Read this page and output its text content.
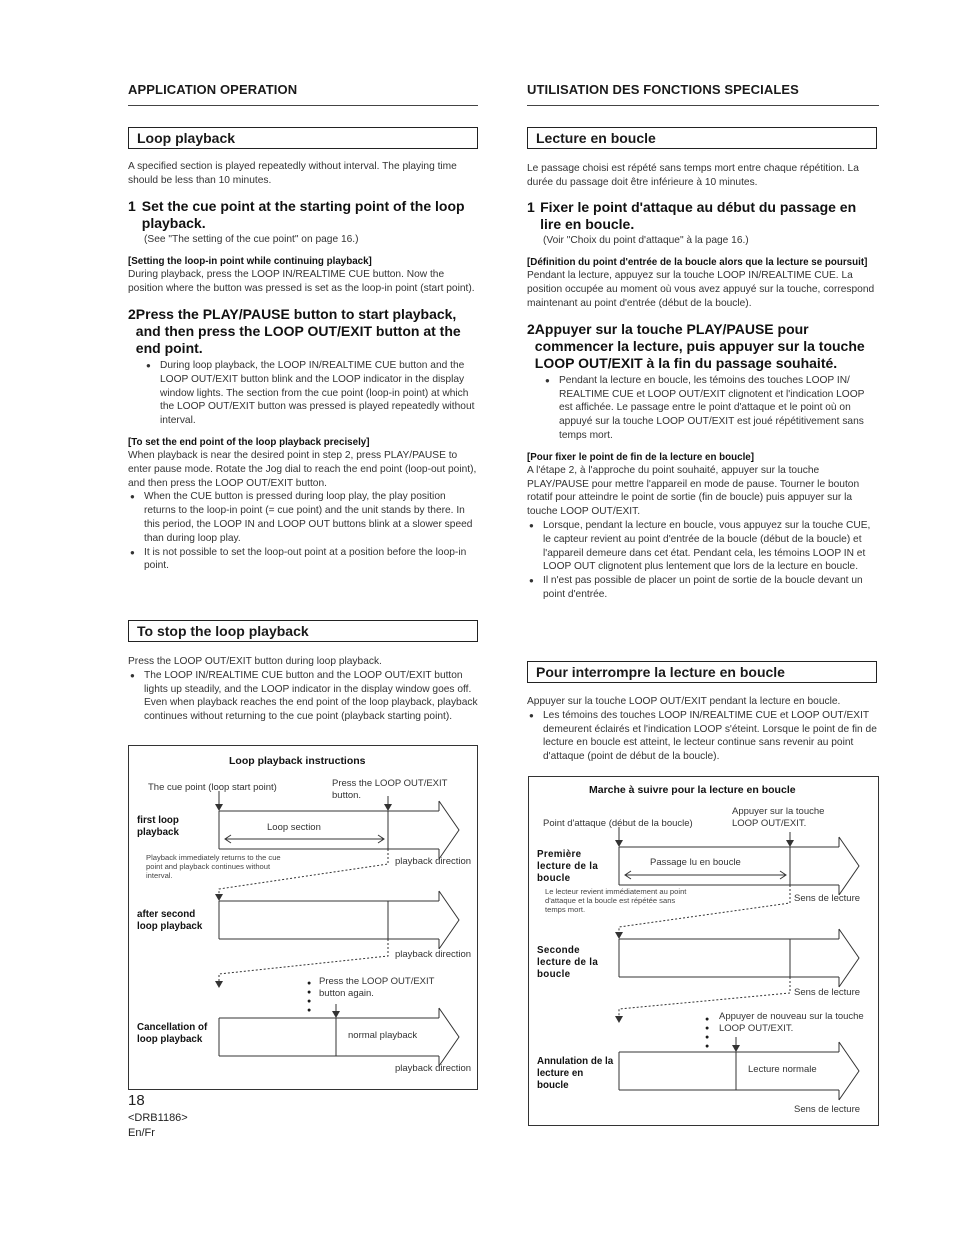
APPLICATION OPERATION
Loop playback

A specified section is played repeatedly without interval. The playing time should be less than 10 minutes.

1 Set the cue point at the starting point of the loop playback.

(See "The setting of the cue point" on page 16.)

[Setting the loop-in point while continuing playback]

During playback, press the LOOP IN/REALTIME CUE button. Now the position where the button was pressed is set as the loop-in point (start point).

2 Press the PLAY/PAUSE button to start playback, and then press the LOOP OUT/EXIT button at the end point.

● During loop playback, the LOOP IN/REALTIME CUE button and the LOOP OUT/EXIT button blink and the LOOP indicator in the display window lights. The section from the cue point (loop-in point) at which the LOOP OUT/EXIT button was pressed is played repeatedly without interval.

[To set the end point of the loop playback precisely]

When playback is near the desired point in step 2, press PLAY/PAUSE to enter pause mode. Rotate the Jog dial to reach the end point (loop-out point), and then press the LOOP OUT/EXIT button.

● When the CUE button is pressed during loop play, the play position returns to the loop-in point (= cue point) and the unit stands by there. In this period, the LOOP IN and LOOP OUT buttons blink at a slower speed than during loop play.

● It is not possible to set the loop-out point at a position before the loop-in point.

To stop the loop playback

Press the LOOP OUT/EXIT button during loop playback.

● The LOOP IN/REALTIME CUE button and the LOOP OUT/EXIT button lights up steadily, and the LOOP indicator in the display window goes off. Even when playback reaches the end point of the loop playback, playback continues without returning to the cue point (playback starting point).

Loop playback instructions
The cue point (loop start point)	Press the LOOP OUT/EXIT button.
first loop playback	Loop section
Playback immediately returns to the cue point and playback continues without interval.
playback direction
after second loop playback
playback direction
Press the LOOP OUT/EXIT button again.
●
●
●
●
Cancellation of loop playback	normal playback
playback direction
18
<DRB1186>
En/Fr
UTILISATION DES FONCTIONS SPECIALES
Lecture en boucle

Le passage choisi est répété sans temps mort entre chaque répétition. La durée du passage doit être inférieure à 10 minutes.

1 Fixer le point d'attaque au début du passage en lire en boucle.

(Voir "Choix du point d'attaque" à la page 16.)

[Définition du point d'entrée de la boucle alors que la lecture se poursuit]

Pendant la lecture, appuyez sur la touche LOOP IN/REALTIME CUE. La position occupée au moment où vous avez appuyé sur la touche, correspond maintenant au point d'entrée (début de la boucle).

2 Appuyer sur la touche PLAY/PAUSE pour commencer la lecture, puis appuyer sur la touche LOOP OUT/EXIT à la fin du passage souhaité.

● Pendant la lecture en boucle, les témoins des touches LOOP IN/ REALTIME CUE et LOOP OUT/EXIT clignotent et l'indication LOOP est affichée. Le passage entre le point d'attaque et le point où on appuyé sur la touche LOOP OUT/EXIT est joué répétitivement sans temps mort.

[Pour fixer le point de fin de la lecture en boucle]

A l'étape 2, à l'approche du point souhaité, appuyer sur la touche PLAY/PAUSE pour mettre l'appareil en mode de pause. Tourner le bouton rotatif pour atteindre le point de sortie (fin de boucle) puis appuyer sur la touche LOOP OUT/EXIT.

● Lorsque, pendant la lecture en boucle, vous appuyez sur la touche CUE, le capteur revient au point d'entrée de la boucle (début de la boucle) et l'appareil demeure dans cet état. Pendant cela, les témoins LOOP IN et LOOP OUT clignotent plus lentement que lors de la lecture en boucle.

● Il n'est pas possible de placer un point de sortie de la boucle devant un point d'entrée.

Pour interrompre la lecture en boucle

Appuyer sur la touche LOOP OUT/EXIT pendant la lecture en boucle.

● Les témoins des touches LOOP IN/REALTIME CUE et LOOP OUT/EXIT demeurent éclairés et l'indication LOOP s'éteint. Lorsque le point de fin de lecture en boucle est atteint, le lecteur continue sans revenir au point d'attaque (point de début de la boucle).

Marche à suivre pour la lecture en boucle
Point d'attaque (début de la boucle)
Appuyer sur la touche LOOP OUT/EXIT.
Première lecture de la boucle
Passage lu en boucle
Le lecteur revient immédiatement au point d'attaque et la boucle est répétée sans temps mort.
Sens de lecture
Seconde lecture de la boucle
Sens de lecture
Appuyer de nouveau sur la touche LOOP OUT/EXIT.
●
●
●
●
Annulation de la lecture en boucle
Lecture normale
Sens de lecture
